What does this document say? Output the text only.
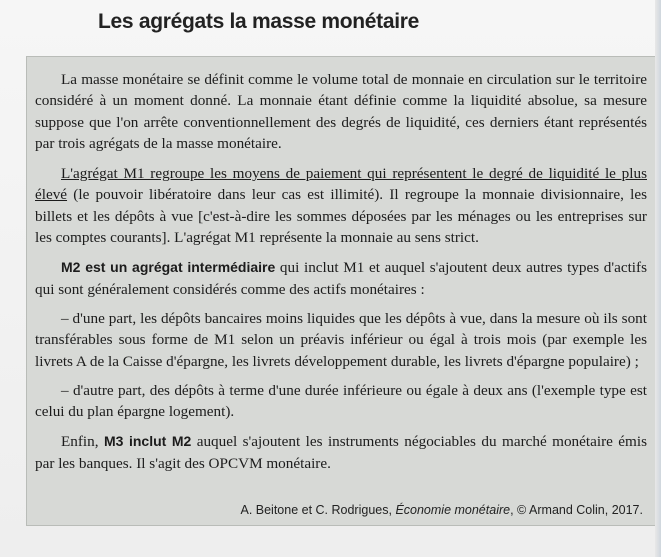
Les agrégats la masse monétaire

La masse monétaire se définit comme le volume total de monnaie en circulation sur le territoire considéré à un moment donné. La monnaie étant définie comme la liquidité absolue, sa mesure suppose que l'on arrête conventionnellement des degrés de liquidité, ces derniers étant représentés par trois agrégats de la masse monétaire.

L'agrégat M1 regroupe les moyens de paiement qui représentent le degré de liquidité le plus élevé (le pouvoir libératoire dans leur cas est illimité). Il regroupe la monnaie divisionnaire, les billets et les dépôts à vue [c'est-à-dire les sommes déposées par les ménages ou les entreprises sur les comptes courants]. L'agrégat M1 représente la monnaie au sens strict.

M2 est un agrégat intermédiaire qui inclut M1 et auquel s'ajoutent deux autres types d'actifs qui sont généralement considérés comme des actifs monétaires :

– d'une part, les dépôts bancaires moins liquides que les dépôts à vue, dans la mesure où ils sont transférables sous forme de M1 selon un préavis inférieur ou égal à trois mois (par exemple les livrets A de la Caisse d'épargne, les livrets développement durable, les livrets d'épargne populaire) ;

– d'autre part, des dépôts à terme d'une durée inférieure ou égale à deux ans (l'exemple type est celui du plan épargne logement).

Enfin, M3 inclut M2 auquel s'ajoutent les instruments négociables du marché monétaire émis par les banques. Il s'agit des OPCVM monétaire.

A. Beitone et C. Rodrigues, Économie monétaire, © Armand Colin, 2017.
